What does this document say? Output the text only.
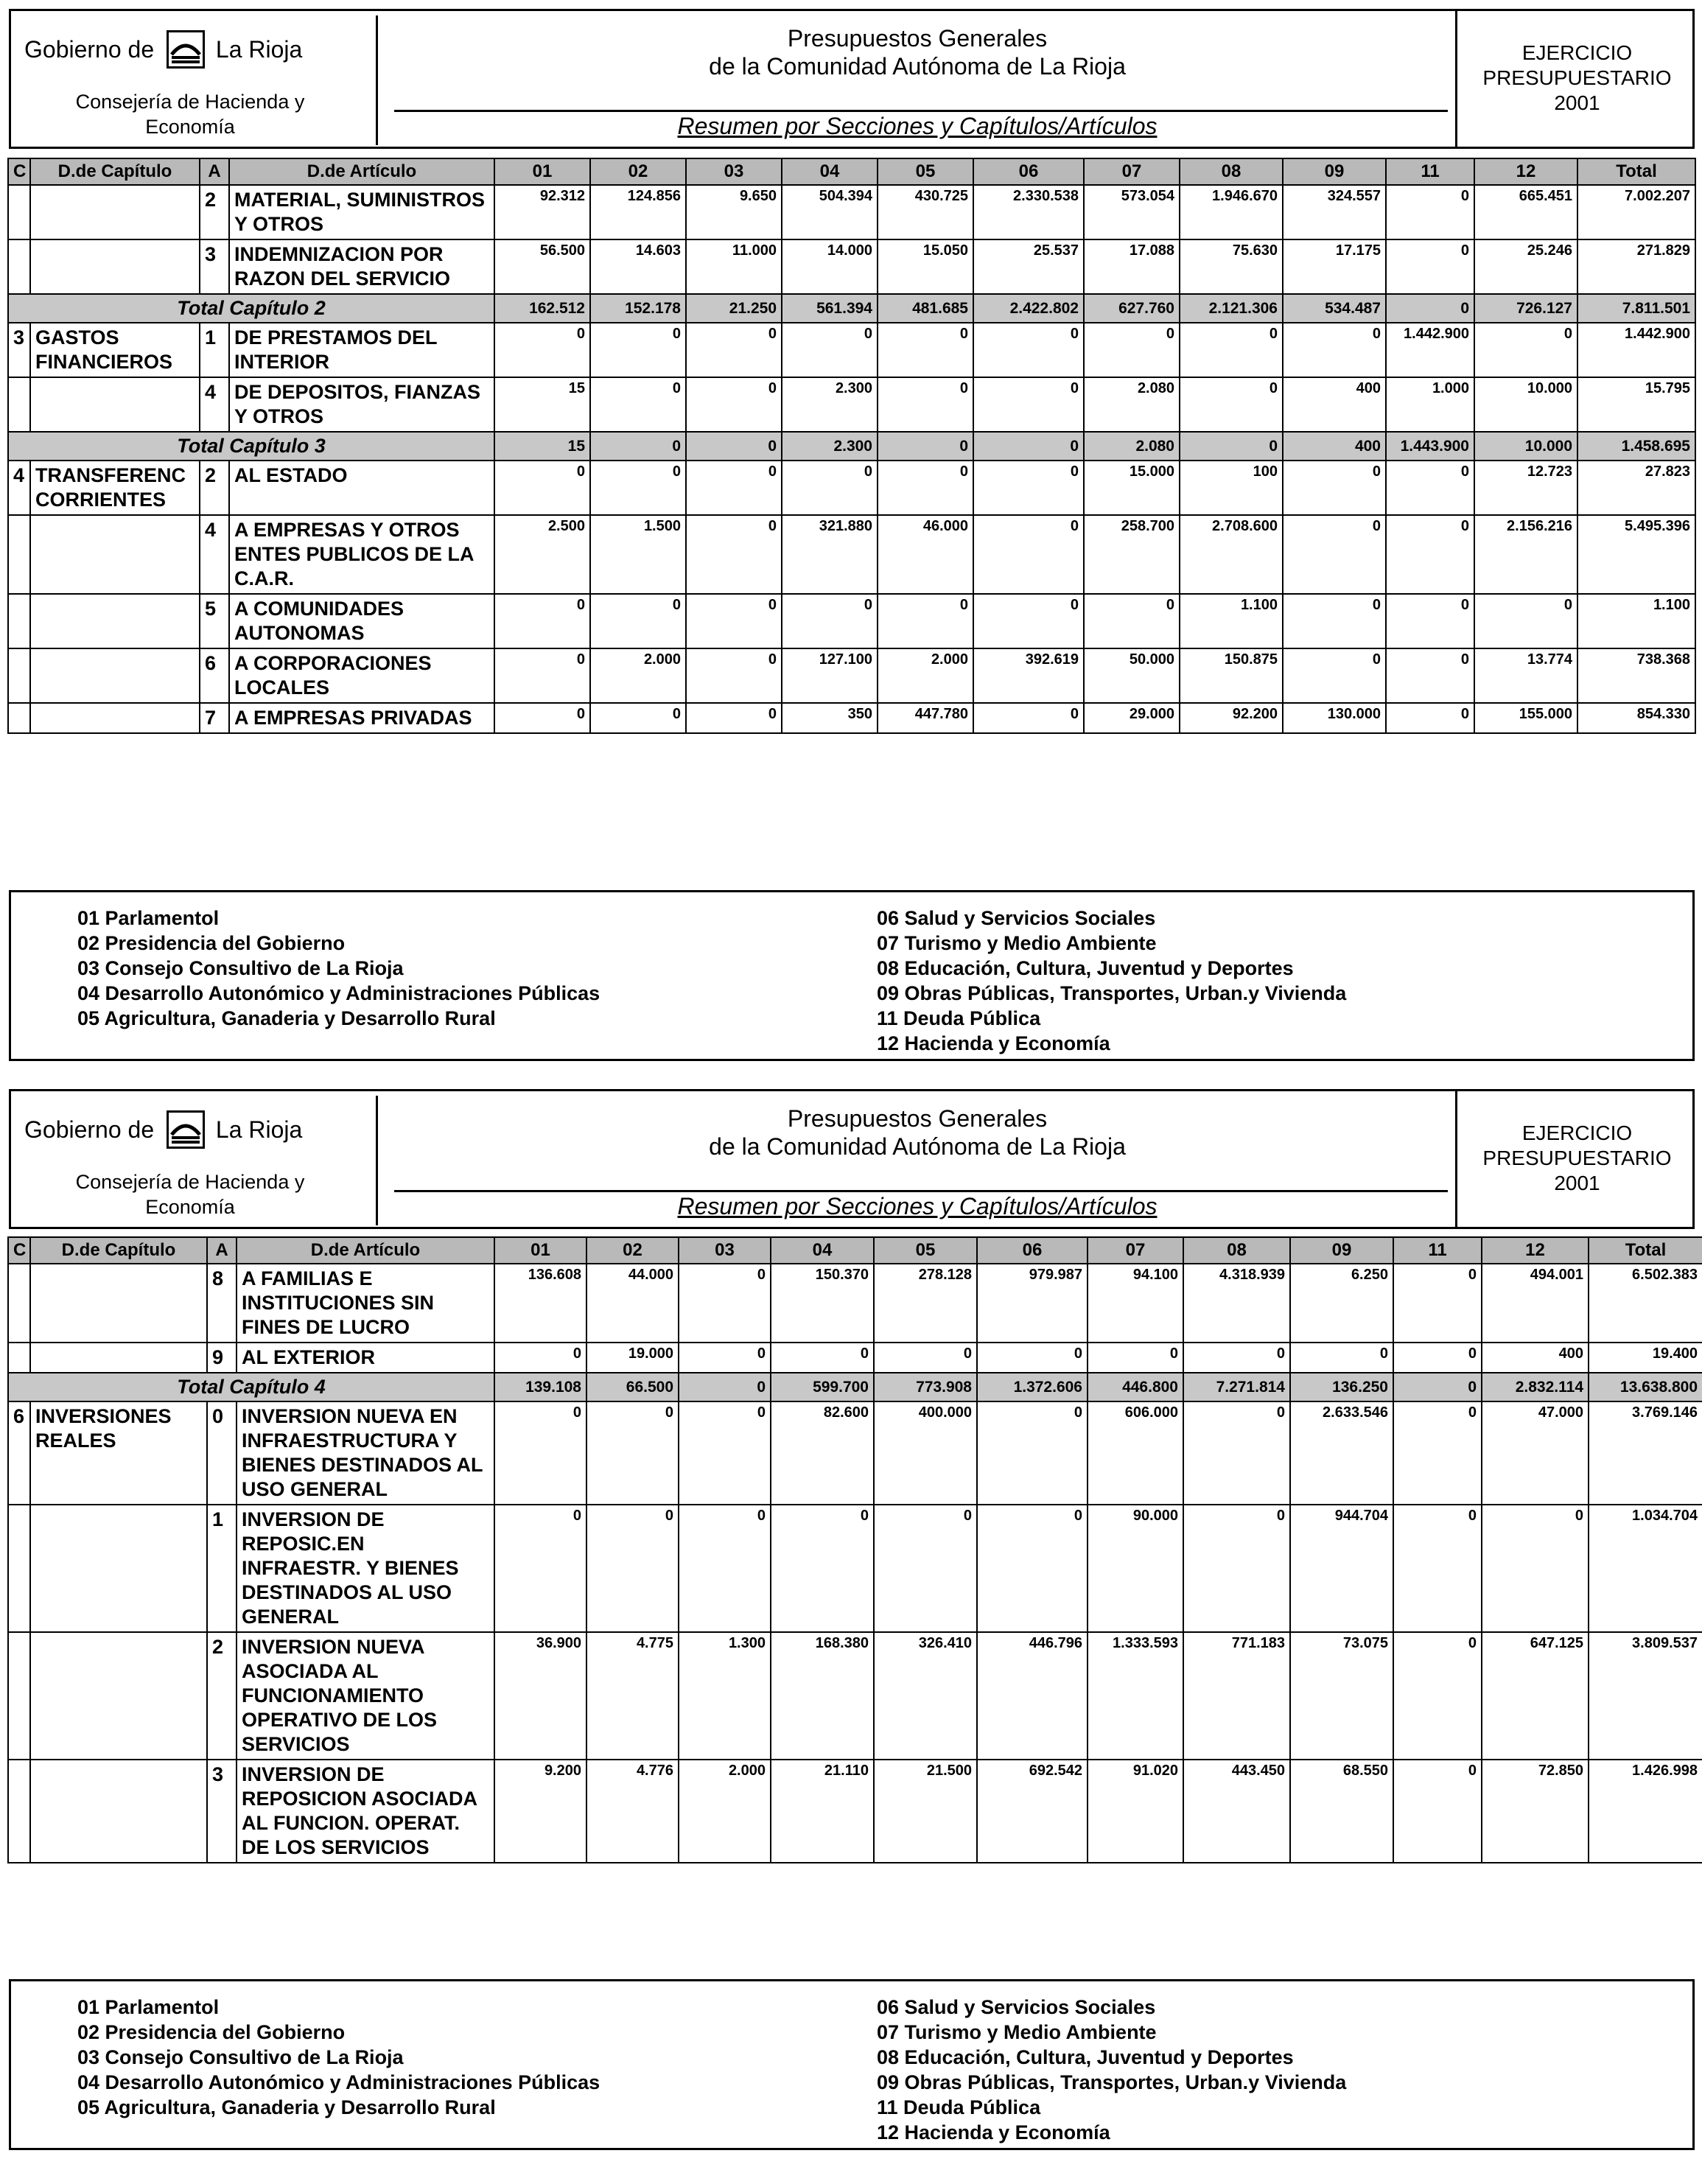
Gobierno de	La Rioja
Consejería de Hacienda y
Economía
Presupuestos Generales
de la Comunidad Autónoma de La Rioja
Resumen por Secciones y Capítulos/Artículos
EJERCICIO
PRESUPUESTARIO
2001
C	D.de Capítulo	A	D.de Artículo	01	02	03	04	05	06	07	08	09	11	12	Total
		2	MATERIAL, SUMINISTROS Y OTROS	92.312	124.856	9.650	504.394	430.725	2.330.538	573.054	1.946.670	324.557	0	665.451	7.002.207
		3	INDEMNIZACION POR RAZON DEL SERVICIO	56.500	14.603	11.000	14.000	15.050	25.537	17.088	75.630	17.175	0	25.246	271.829
Total Capítulo 2				162.512	152.178	21.250	561.394	481.685	2.422.802	627.760	2.121.306	534.487	0	726.127	7.811.501
3	GASTOS FINANCIEROS	1	DE PRESTAMOS DEL INTERIOR	0	0	0	0	0	0	0	0	0	1.442.900	0	1.442.900
		4	DE DEPOSITOS, FIANZAS Y OTROS	15	0	0	2.300	0	0	2.080	0	400	1.000	10.000	15.795
Total Capítulo 3				15	0	0	2.300	0	0	2.080	0	400	1.443.900	10.000	1.458.695
4	TRANSFERENC CORRIENTES	2	AL ESTADO	0	0	0	0	0	0	15.000	100	0	0	12.723	27.823
		4	A EMPRESAS Y OTROS ENTES PUBLICOS DE LA C.A.R.	2.500	1.500	0	321.880	46.000	0	258.700	2.708.600	0	0	2.156.216	5.495.396
		5	A COMUNIDADES AUTONOMAS	0	0	0	0	0	0	0	1.100	0	0	0	1.100
		6	A CORPORACIONES LOCALES	0	2.000	0	127.100	2.000	392.619	50.000	150.875	0	0	13.774	738.368
		7	A EMPRESAS PRIVADAS	0	0	0	350	447.780	0	29.000	92.200	130.000	0	155.000	854.330
01 Parlamentol
02 Presidencia del Gobierno
03 Consejo Consultivo de La Rioja
04 Desarrollo Autonómico y Administraciones Públicas
05 Agricultura, Ganaderia y Desarrollo Rural
06 Salud y Servicios Sociales
07 Turismo y Medio Ambiente
08 Educación, Cultura, Juventud y Deportes
09 Obras Públicas, Transportes, Urban.y Vivienda
11 Deuda Pública
12 Hacienda y Economía
Gobierno de	La Rioja
Consejería de Hacienda y
Economía
Presupuestos Generales
de la Comunidad Autónoma de La Rioja
Resumen por Secciones y Capítulos/Artículos
EJERCICIO
PRESUPUESTARIO
2001
C	D.de Capítulo	A	D.de Artículo	01	02	03	04	05	06	07	08	09	11	12	Total
		8	A FAMILIAS E INSTITUCIONES SIN FINES DE LUCRO	136.608	44.000	0	150.370	278.128	979.987	94.100	4.318.939	6.250	0	494.001	6.502.383
		9	AL EXTERIOR	0	19.000	0	0	0	0	0	0	0	0	400	19.400
Total Capítulo 4				139.108	66.500	0	599.700	773.908	1.372.606	446.800	7.271.814	136.250	0	2.832.114	13.638.800
6	INVERSIONES REALES	0	INVERSION NUEVA EN INFRAESTRUCTURA Y BIENES DESTINADOS AL USO GENERAL	0	0	0	82.600	400.000	0	606.000	0	2.633.546	0	47.000	3.769.146
		1	INVERSION DE REPOSIC.EN INFRAESTR. Y BIENES DESTINADOS AL USO GENERAL	0	0	0	0	0	0	90.000	0	944.704	0	0	1.034.704
		2	INVERSION NUEVA ASOCIADA AL FUNCIONAMIENTO OPERATIVO DE LOS SERVICIOS	36.900	4.775	1.300	168.380	326.410	446.796	1.333.593	771.183	73.075	0	647.125	3.809.537
		3	INVERSION DE REPOSICION ASOCIADA AL FUNCION. OPERAT. DE LOS SERVICIOS	9.200	4.776	2.000	21.110	21.500	692.542	91.020	443.450	68.550	0	72.850	1.426.998
01 Parlamentol
02 Presidencia del Gobierno
03 Consejo Consultivo de La Rioja
04 Desarrollo Autonómico y Administraciones Públicas
05 Agricultura, Ganaderia y Desarrollo Rural
06 Salud y Servicios Sociales
07 Turismo y Medio Ambiente
08 Educación, Cultura, Juventud y Deportes
09 Obras Públicas, Transportes, Urban.y Vivienda
11 Deuda Pública
12 Hacienda y Economía
